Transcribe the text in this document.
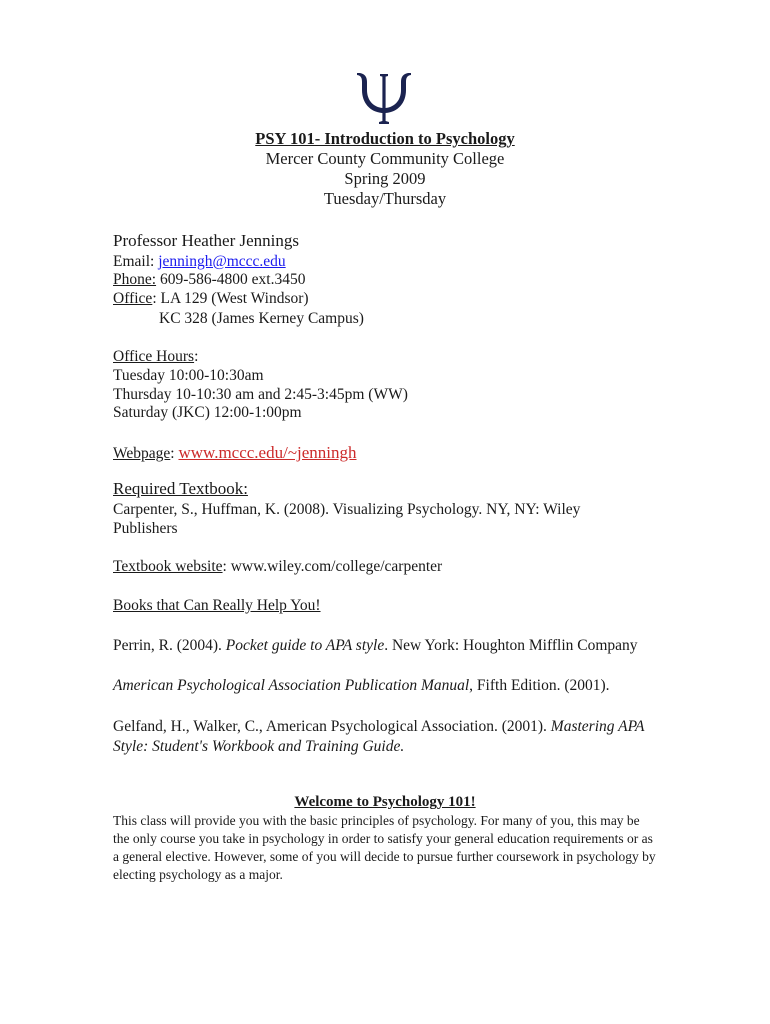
PSY 101- Introduction to Psychology
Mercer County Community College
Spring 2009
Tuesday/Thursday
Professor Heather Jennings
Email: jenningh@mccc.edu
Phone: 609-586-4800 ext.3450
Office: LA 129 (West Windsor)
KC 328 (James Kerney Campus)
Office Hours:
Tuesday 10:00-10:30am
Thursday 10-10:30 am and 2:45-3:45pm (WW)
Saturday (JKC) 12:00-1:00pm
Webpage: www.mccc.edu/~jenningh
Required Textbook:
Carpenter, S., Huffman, K. (2008). Visualizing Psychology. NY, NY: Wiley Publishers
Textbook website: www.wiley.com/college/carpenter
Books that Can Really Help You!
Perrin, R. (2004). Pocket guide to APA style. New York: Houghton Mifflin Company
American Psychological Association Publication Manual, Fifth Edition. (2001).
Gelfand, H., Walker, C., American Psychological Association. (2001). Mastering APA Style: Student's Workbook and Training Guide.
Welcome to Psychology 101!
This class will provide you with the basic principles of psychology. For many of you, this may be the only course you take in psychology in order to satisfy your general education requirements or as a general elective. However, some of you will decide to pursue further coursework in psychology by electing psychology as a major.
